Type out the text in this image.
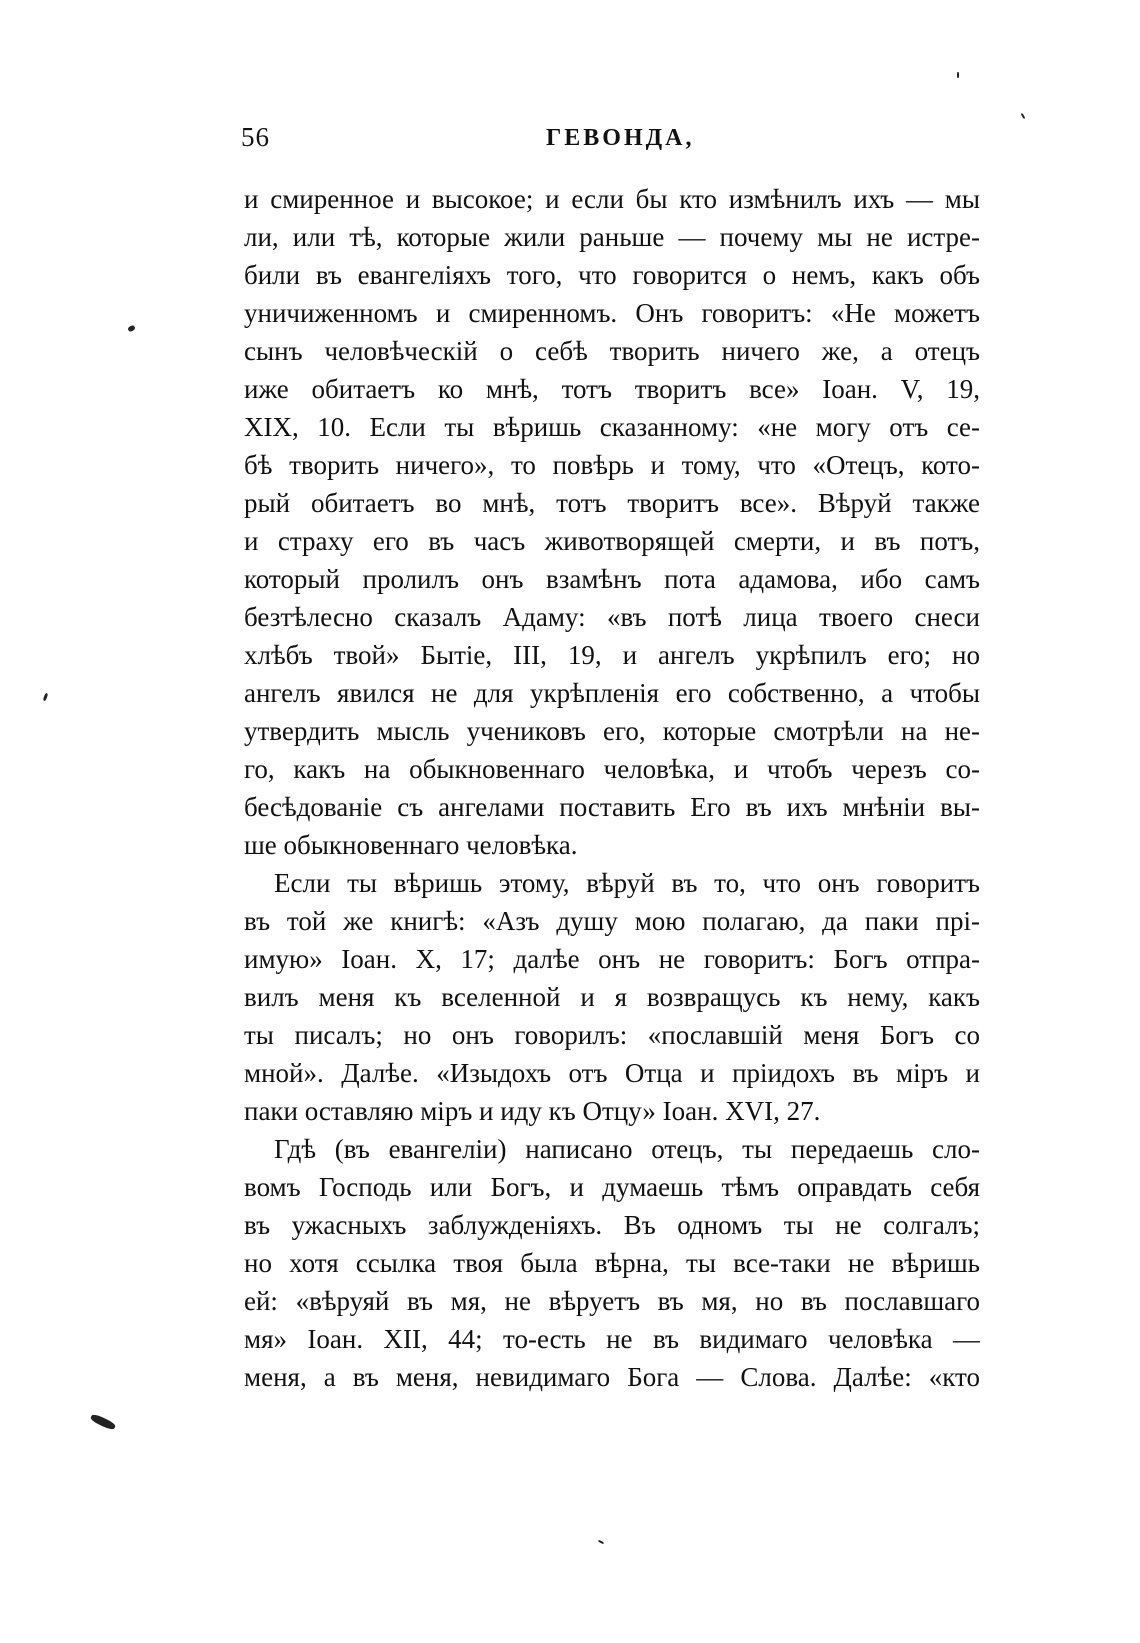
56	ГЕВОНДА,
и смиренное и высокое; и если бы кто измѣнилъ ихъ — мы
ли, или тѣ, которые жили раньше — почему мы не истре-
били въ евангеліяхъ того, что говорится о немъ, какъ объ
уничиженномъ и смиренномъ. Онъ говоритъ: «Не можетъ
сынъ человѣческій о себѣ творить ничего же, а отецъ
иже обитаетъ ко мнѣ, тотъ творитъ все» Іоан. V, 19,
XIX, 10. Если ты вѣришь сказанному: «не могу отъ се-
бѣ творить ничего», то повѣрь и тому, что «Отецъ, кото-
рый обитаетъ во мнѣ, тотъ творитъ все». Вѣруй также
и страху его въ часъ животворящей смерти, и въ потъ,
который пролилъ онъ взамѣнъ пота адамова, ибо самъ
безтѣлесно сказалъ Адаму: «въ потѣ лица твоего снеси
хлѣбъ твой» Бытіе, III, 19, и ангелъ укрѣпилъ его; но
ангелъ явился не для укрѣпленія его собственно, а чтобы
утвердить мысль учениковъ его, которые смотрѣли на не-
го, какъ на обыкновеннаго человѣка, и чтобъ черезъ со-
бесѣдованіе съ ангелами поставить Его въ ихъ мнѣніи вы-
ше обыкновеннаго человѣка.
Если ты вѣришь этому, вѣруй въ то, что онъ говоритъ
въ той же книгѣ: «Азъ душу мою полагаю, да паки прі-
имую» Іоан. X, 17; далѣе онъ не говоритъ: Богъ отпра-
вилъ меня къ вселенной и я возвращусь къ нему, какъ
ты писалъ; но онъ говорилъ: «пославшій меня Богъ со
мной». Далѣе. «Изыдохъ отъ Отца и пріидохъ въ міръ и
паки оставляю міръ и иду къ Отцу» Іоан. XVI, 27.
Гдѣ (въ евангеліи) написано отецъ, ты передаешь сло-
вомъ Господь или Богъ, и думаешь тѣмъ оправдать себя
въ ужасныхъ заблужденіяхъ. Въ одномъ ты не солгалъ;
но хотя ссылка твоя была вѣрна, ты все-таки не вѣришь
ей: «вѣруяй въ мя, не вѣруетъ въ мя, но въ пославшаго
мя» Іоан. XII, 44; то-есть не въ видимаго человѣка —
меня, а въ меня, невидимаго Бога — Слова. Далѣе: «кто
